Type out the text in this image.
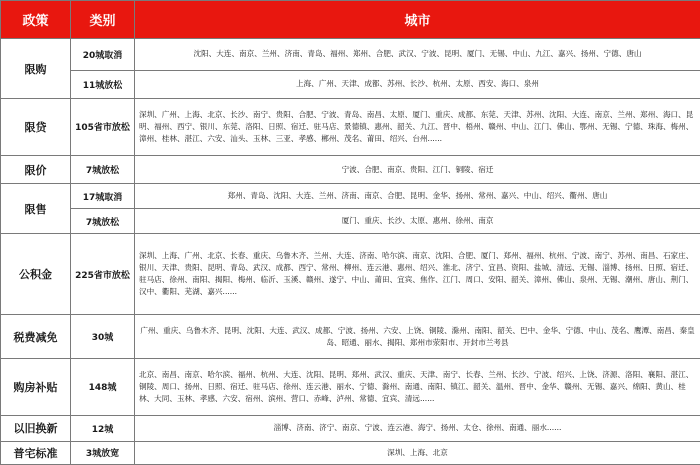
政策	类别	城市
限购	20城取消	沈阳、大连、南京、兰州、济南、青岛、福州、郑州、合肥、武汉、宁波、昆明、厦门、无锡、中山、九江、嘉兴、扬州、宁德、唐山
	11城放松	上海、广州、天津、成都、苏州、长沙、杭州、太原、西安、海口、泉州
限贷	105省市放松	深圳、广州、上海、北京、长沙、南宁、贵阳、合肥、宁波、青岛、南昌、太原、厦门、重庆、成都、东莞、天津、苏州、沈阳、大连、南京、兰州、郑州、海口、昆明、福州、西宁、银川、东莞、洛阳、日照、宿迁、驻马店、景德镇、惠州、韶关、九江、晋中、梧州、赣州、中山、江门、佛山、鄂州、无锡、宁德、珠海、梅州、漳州、桂林、湛江、六安、汕头、玉林、三亚、孝感、郴州、茂名、莆田、绍兴、台州......
限价	7城放松	宁波、合肥、南京、贵阳、江门、铜陵、宿迁
限售	17城取消	郑州、青岛、沈阳、大连、兰州、济南、南京、合肥、昆明、金华、扬州、常州、嘉兴、中山、绍兴、衢州、唐山
	7城放松	厦门、重庆、长沙、太原、惠州、徐州、南京
公积金	225省市放松	深圳、上海、广州、北京、长春、重庆、乌鲁木齐、兰州、大连、济南、哈尔滨、南京、沈阳、合肥、厦门、郑州、福州、杭州、宁波、南宁、苏州、南昌、石家庄、银川、天津、贵阳、昆明、青岛、武汉、成都、西宁、常州、柳州、连云港、惠州、绍兴、淮北、济宁、宜昌、资阳、盐城、清远、无锡、淄博、扬州、日照、宿迁、驻马店、徐州、南阳、揭阳、梅州、临沂、玉溪、赣州、遂宁、中山、莆田、宜宾、焦作、江门、周口、安阳、韶关、漳州、佛山、泉州、无锡、潮州、唐山、荆门、汉中、衢阳、芜湖、嘉兴......
税费减免	30城	广州、重庆、乌鲁木齐、昆明、沈阳、大连、武汉、成都、宁波、扬州、六安、上饶、铜陵、滁州、南阳、韶关、巴中、金华、宁德、中山、茂名、鹰潭、南昌、秦皇岛、昭通、丽水、揭阳、郑州市荥阳市、开封市兰考县
购房补贴	148城	北京、南昌、南京、哈尔滨、福州、杭州、大连、沈阳、昆明、郑州、武汉、重庆、天津、南宁、长春、兰州、长沙、宁波、绍兴、上饶、济源、洛阳、襄阳、湛江、铜陵、周口、扬州、日照、宿迁、驻马店、徐州、连云港、丽水、宁德、滁州、南通、南阳、镇江、韶关、温州、晋中、金华、赣州、无锡、嘉兴、绵阳、黄山、桂林、大同、玉林、孝感、六安、宿州、滨州、营口、赤峰、泸州、常德、宜宾、清远......
以旧换新	12城	淄博、济南、济宁、南京、宁波、连云港、海宁、扬州、太仓、徐州、南通、丽水......
普宅标准	3城放宽	深圳、上海、北京
